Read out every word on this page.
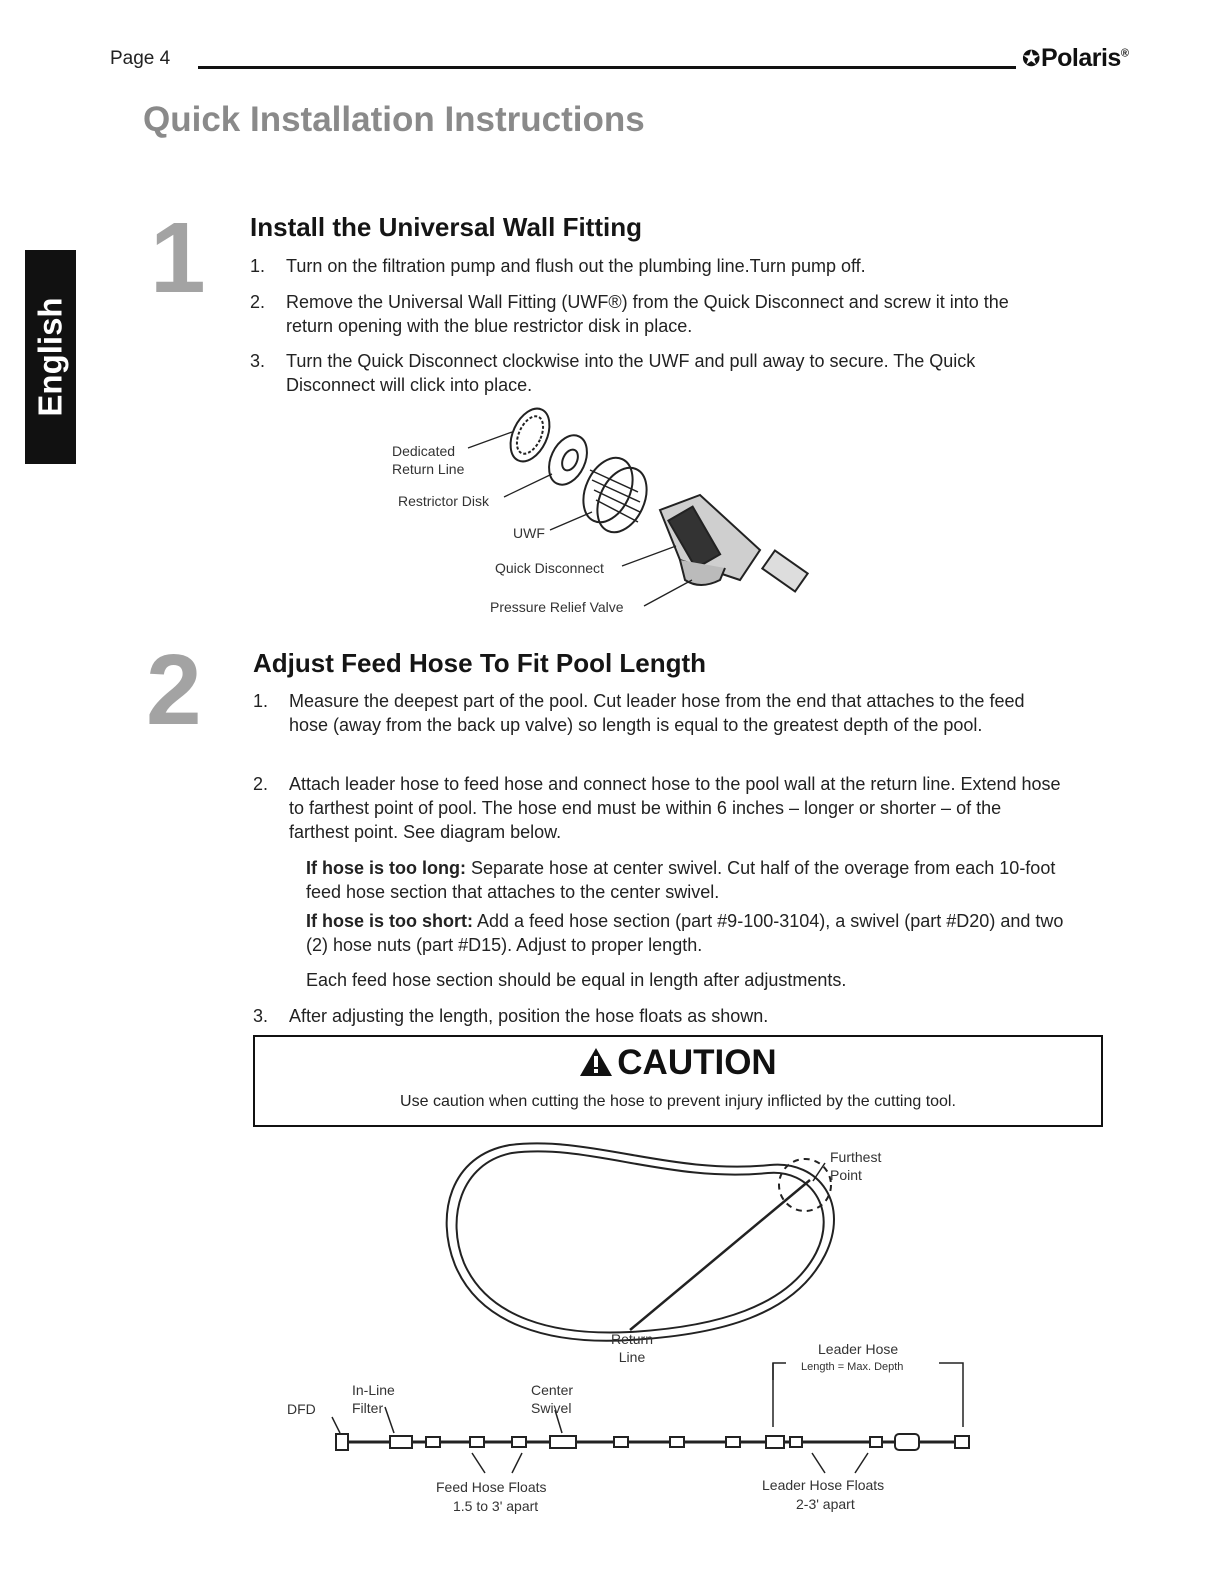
Page 4	✪Polaris®
Quick Installation Instructions
English
1 Install the Universal Wall Fitting
1. Turn on the filtration pump and flush out the plumbing line.Turn pump off.
2. Remove the Universal Wall Fitting (UWF®) from the Quick Disconnect and screw it into the return opening with the blue restrictor disk in place.
3. Turn the Quick Disconnect clockwise into the UWF and pull away to secure. The Quick Disconnect will click into place.
Dedicated Return Line
Restrictor Disk
UWF
Quick Disconnect
Pressure Relief Valve
2 Adjust Feed Hose To Fit Pool Length
1. Measure the deepest part of the pool. Cut leader hose from the end that attaches to the feed hose (away from the back up valve) so length is equal to the greatest depth of the pool.
2. Attach leader hose to feed hose and connect hose to the pool wall at the return line. Extend hose to farthest point of pool. The hose end must be within 6 inches – longer or shorter – of the farthest point. See diagram below.
If hose is too long: Separate hose at center swivel. Cut half of the overage from each 10-foot feed hose section that attaches to the center swivel.
If hose is too short: Add a feed hose section (part #9-100-3104), a swivel (part #D20) and two (2) hose nuts (part #D15). Adjust to proper length.
Each feed hose section should be equal in length after adjustments.
3. After adjusting the length, position the hose floats as shown.
CAUTION
Use caution when cutting the hose to prevent injury inflicted by the cutting tool.
Furthest Point
Return Line	Leader Hose
Length = Max. Depth
DFD
In-Line Filter
Center Swivel
Feed Hose Floats
1.5 to 3' apart
Leader Hose Floats
2-3' apart
